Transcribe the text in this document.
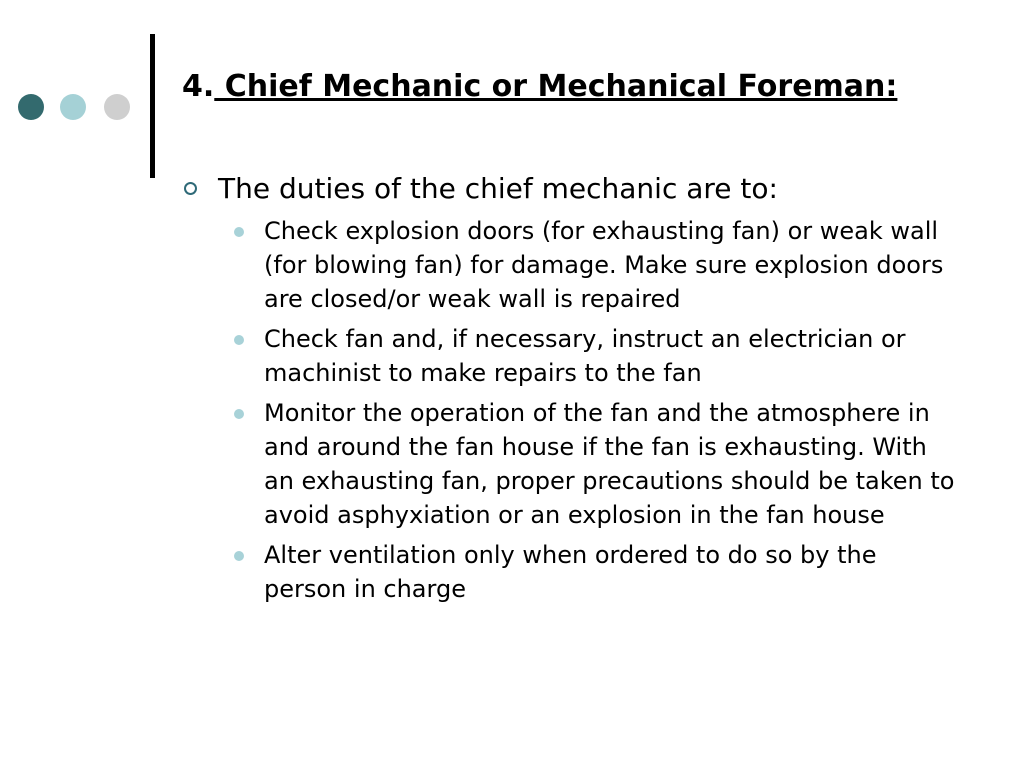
4. Chief Mechanic or Mechanical Foreman:
The duties of the chief mechanic are to:
Check explosion doors (for exhausting fan) or weak wall (for blowing fan) for damage. Make sure explosion doors are closed/or weak wall is repaired
Check fan and, if necessary, instruct an electrician or machinist to make repairs to the fan
Monitor the operation of the fan and the atmosphere in and around the fan house if the fan is exhausting. With an exhausting fan, proper precautions should be taken to avoid asphyxiation or an explosion in the fan house
Alter ventilation only when ordered to do so by the person in charge
